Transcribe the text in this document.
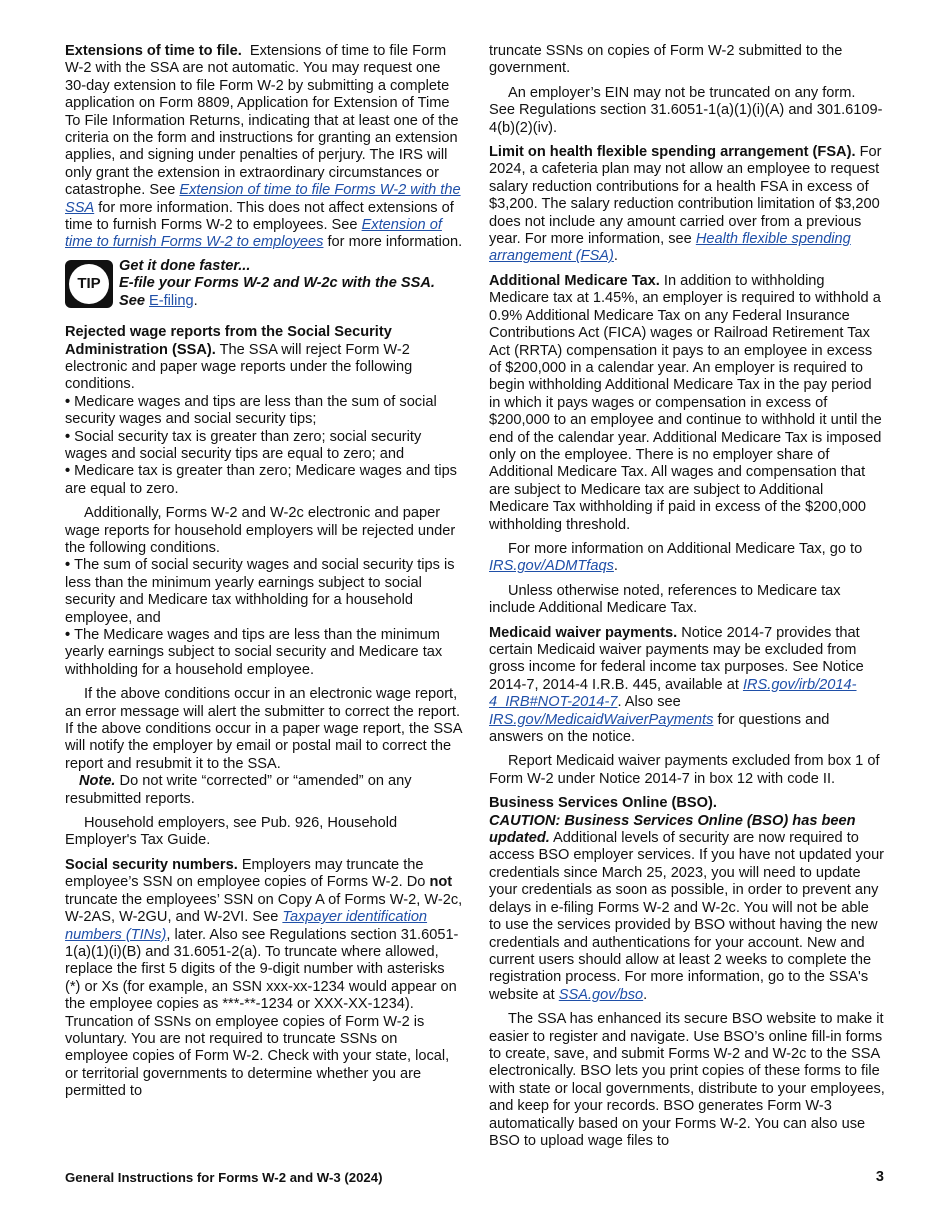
Extensions of time to file. Extensions of time to file Form W-2 with the SSA are not automatic. You may request one 30-day extension to file Form W-2 by submitting a complete application on Form 8809, Application for Extension of Time To File Information Returns, indicating that at least one of the criteria on the form and instructions for granting an extension applies, and signing under penalties of perjury. The IRS will only grant the extension in extraordinary circumstances or catastrophe. See Extension of time to file Forms W-2 with the SSA for more information. This does not affect extensions of time to furnish Forms W-2 to employees. See Extension of time to furnish Forms W-2 to employees for more information.

TIP
Get it done faster...
E-file your Forms W-2 and W-2c with the SSA.
See E-filing.

Rejected wage reports from the Social Security Administration (SSA). The SSA will reject Form W-2 electronic and paper wage reports under the following conditions.

• Medicare wages and tips are less than the sum of social security wages and social security tips;

• Social security tax is greater than zero; social security wages and social security tips are equal to zero; and

• Medicare tax is greater than zero; Medicare wages and tips are equal to zero.

Additionally, Forms W-2 and W-2c electronic and paper wage reports for household employers will be rejected under the following conditions.

• The sum of social security wages and social security tips is less than the minimum yearly earnings subject to social security and Medicare tax withholding for a household employee, and

• The Medicare wages and tips are less than the minimum yearly earnings subject to social security and Medicare tax withholding for a household employee.

If the above conditions occur in an electronic wage report, an error message will alert the submitter to correct the report. If the above conditions occur in a paper wage report, the SSA will notify the employer by email or postal mail to correct the report and resubmit it to the SSA.

Note. Do not write “corrected” or “amended” on any resubmitted reports.

Household employers, see Pub. 926, Household Employer's Tax Guide.

Social security numbers. Employers may truncate the employee’s SSN on employee copies of Forms W-2. Do not truncate the employees’ SSN on Copy A of Forms W-2, W-2c, W-2AS, W-2GU, and W-2VI. See Taxpayer identification numbers (TINs), later. Also see Regulations section 31.6051-1(a)(1)(i)(B) and 31.6051-2(a). To truncate where allowed, replace the first 5 digits of the 9-digit number with asterisks (*) or Xs (for example, an SSN xxx-xx-1234 would appear on the employee copies as ***-**-1234 or XXX-XX-1234). Truncation of SSNs on employee copies of Form W-2 is voluntary. You are not required to truncate SSNs on employee copies of Form W-2. Check with your state, local, or territorial governments to determine whether you are permitted to

truncate SSNs on copies of Form W-2 submitted to the government.

An employer’s EIN may not be truncated on any form. See Regulations section 31.6051-1(a)(1)(i)(A) and 301.6109-4(b)(2)(iv).

Limit on health flexible spending arrangement (FSA). For 2024, a cafeteria plan may not allow an employee to request salary reduction contributions for a health FSA in excess of $3,200. The salary reduction contribution limitation of $3,200 does not include any amount carried over from a previous year. For more information, see Health flexible spending arrangement (FSA).

Additional Medicare Tax. In addition to withholding Medicare tax at 1.45%, an employer is required to withhold a 0.9% Additional Medicare Tax on any Federal Insurance Contributions Act (FICA) wages or Railroad Retirement Tax Act (RRTA) compensation it pays to an employee in excess of $200,000 in a calendar year. An employer is required to begin withholding Additional Medicare Tax in the pay period in which it pays wages or compensation in excess of $200,000 to an employee and continue to withhold it until the end of the calendar year. Additional Medicare Tax is imposed only on the employee. There is no employer share of Additional Medicare Tax. All wages and compensation that are subject to Medicare tax are subject to Additional Medicare Tax withholding if paid in excess of the $200,000 withholding threshold.

For more information on Additional Medicare Tax, go to IRS.gov/ADMTfaqs.

Unless otherwise noted, references to Medicare tax include Additional Medicare Tax.

Medicaid waiver payments. Notice 2014-7 provides that certain Medicaid waiver payments may be excluded from gross income for federal income tax purposes. See Notice 2014-7, 2014-4 I.R.B. 445, available at IRS.gov/irb/2014-4_IRB#NOT-2014-7. Also see IRS.gov/MedicaidWaiverPayments for questions and answers on the notice.

Report Medicaid waiver payments excluded from box 1 of Form W-2 under Notice 2014-7 in box 12 with code II.

Business Services Online (BSO).

CAUTION: Business Services Online (BSO) has been updated. Additional levels of security are now required to access BSO employer services. If you have not updated your credentials since March 25, 2023, you will need to update your credentials as soon as possible, in order to prevent any delays in e-filing Forms W-2 and W-2c. You will not be able to use the services provided by BSO without having the new credentials and authentications for your account. New and current users should allow at least 2 weeks to complete the registration process. For more information, go to the SSA's website at SSA.gov/bso.

The SSA has enhanced its secure BSO website to make it easier to register and navigate. Use BSO’s online fill-in forms to create, save, and submit Forms W-2 and W-2c to the SSA electronically. BSO lets you print copies of these forms to file with state or local governments, distribute to your employees, and keep for your records. BSO generates Form W-3 automatically based on your Forms W-2. You can also use BSO to upload wage files to

General Instructions for Forms W-2 and W-3 (2024)	3
